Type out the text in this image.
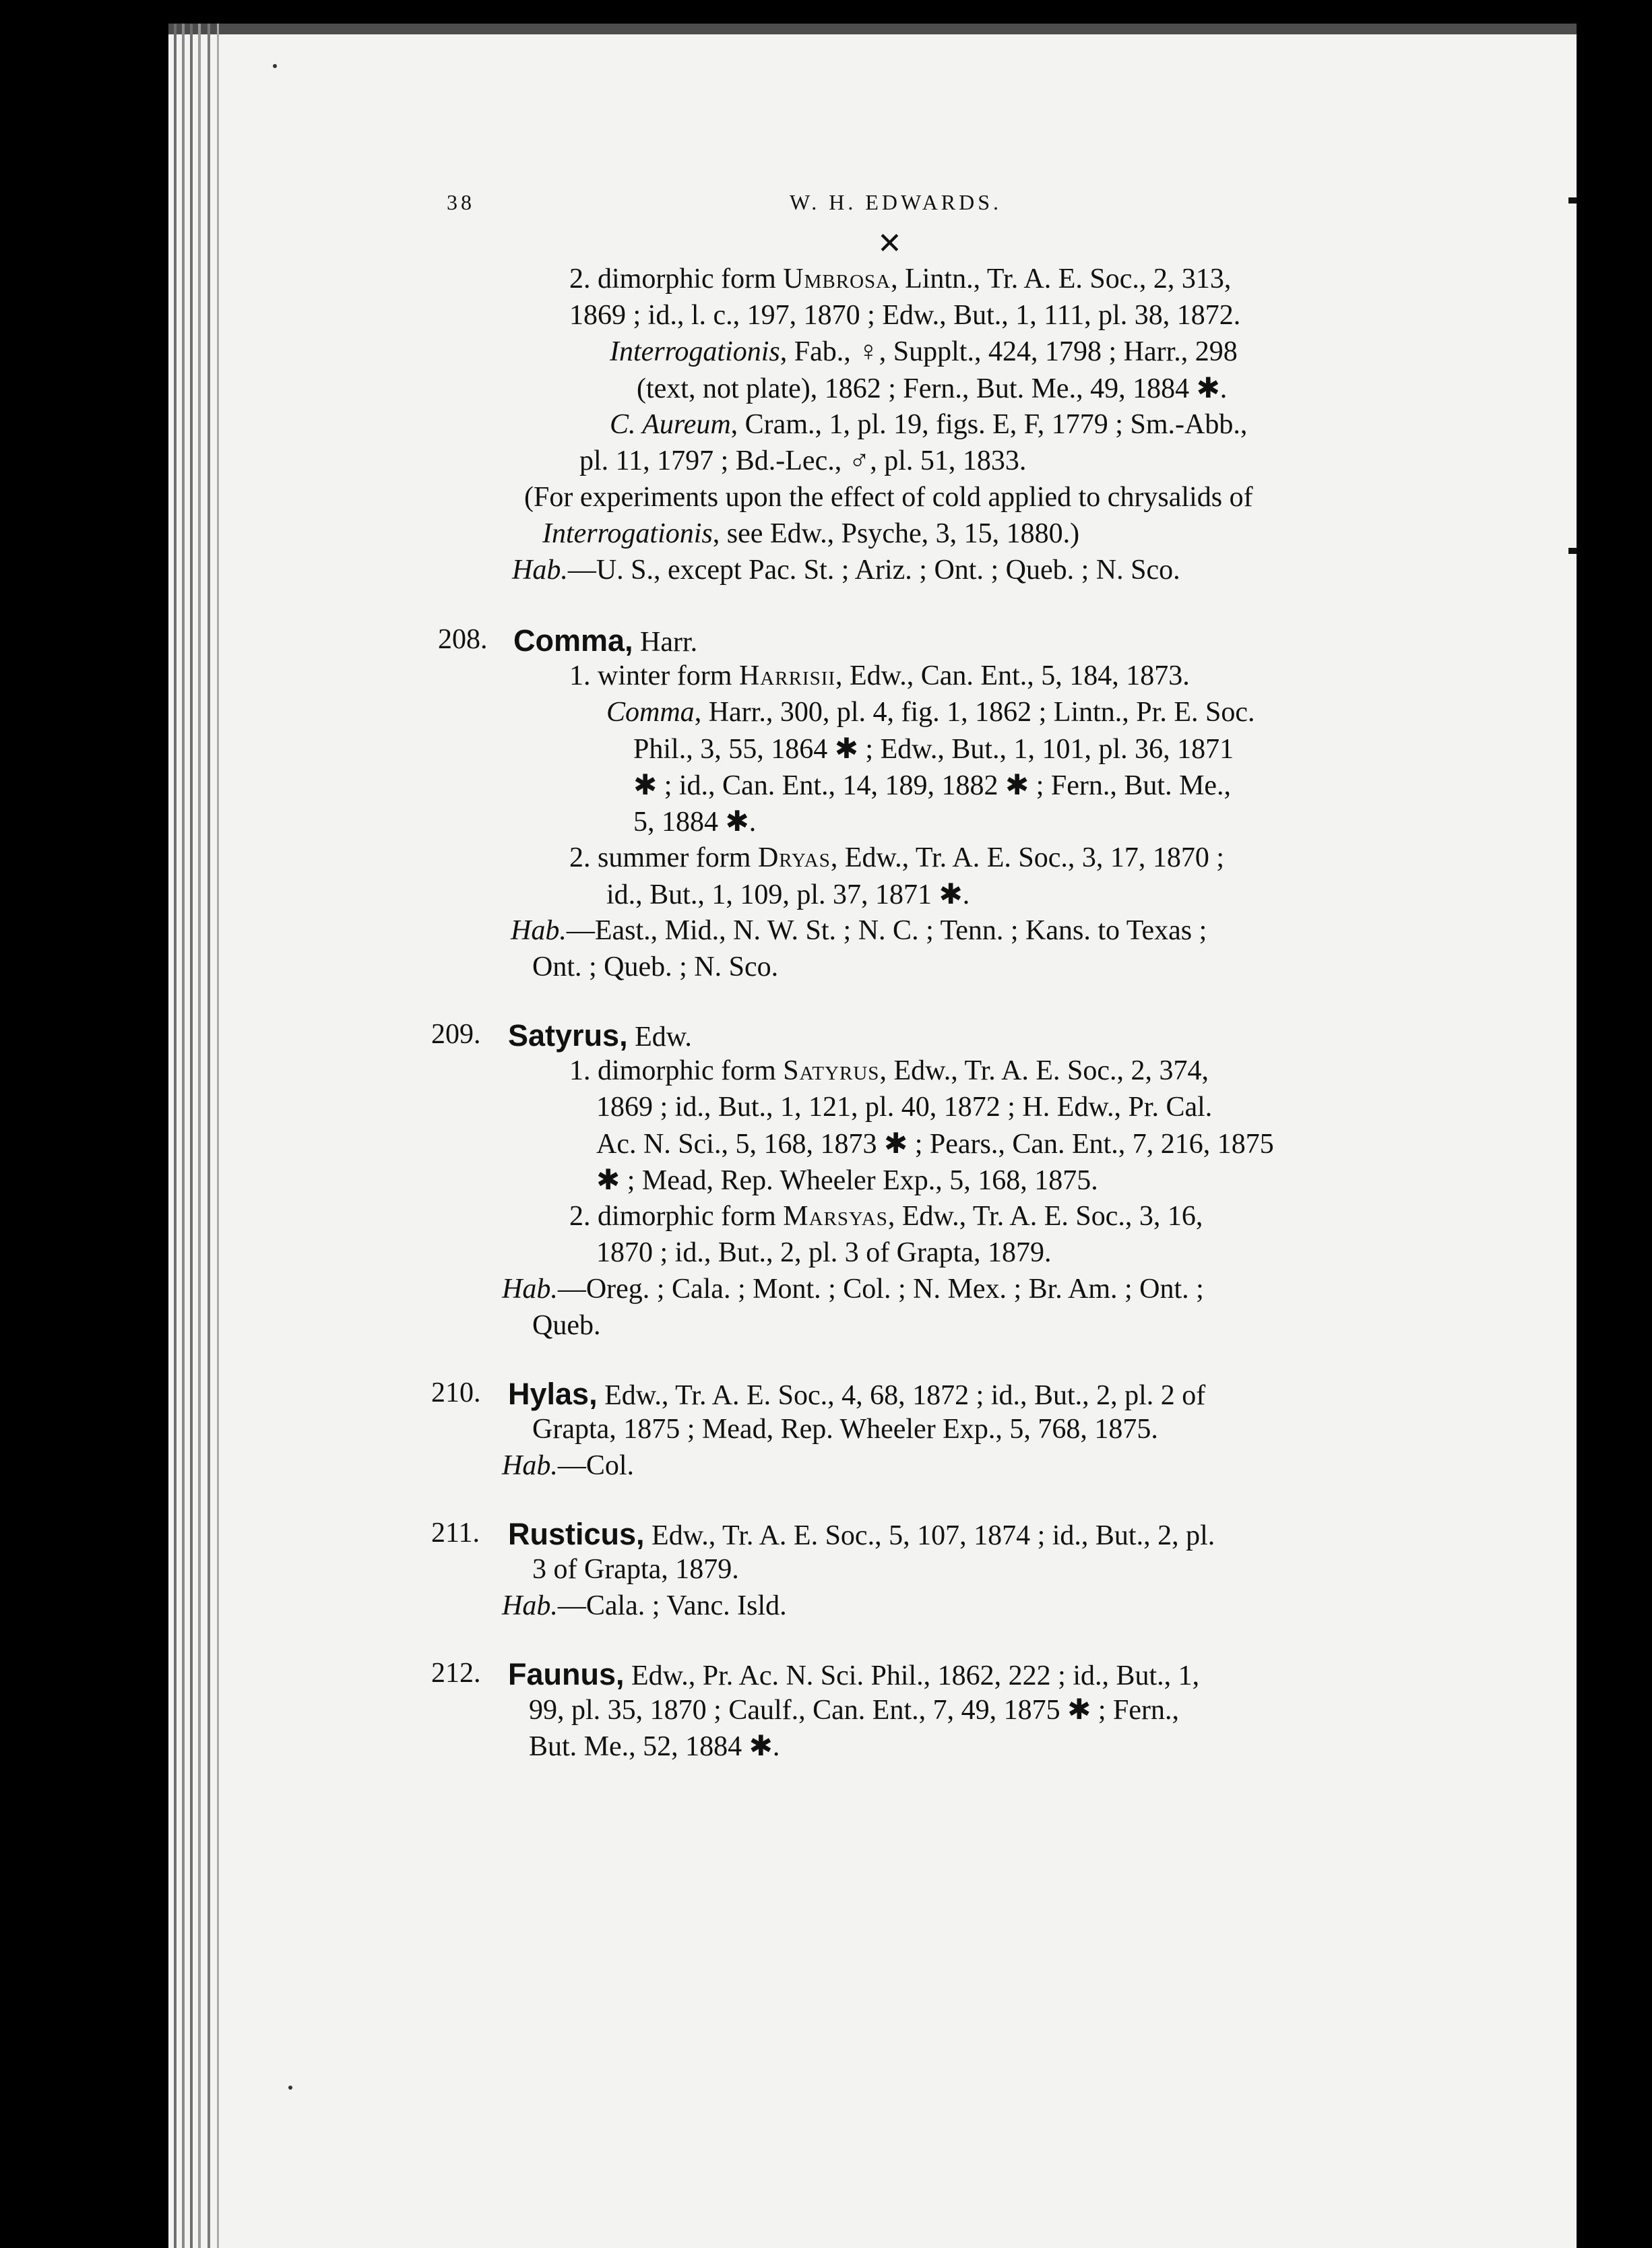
38	W. H. EDWARDS.
✕
2. dimorphic form Umbrosa, Lintn., Tr. A. E. Soc., 2, 313,
1869 ; id., l. c., 197, 1870 ; Edw., But., 1, 111, pl. 38, 1872.
Interrogationis, Fab., ♀, Supplt., 424, 1798 ; Harr., 298
(text, not plate), 1862 ; Fern., But. Me., 49, 1884 ✱.
C. Aureum, Cram., 1, pl. 19, figs. E, F, 1779 ; Sm.-Abb.,
pl. 11, 1797 ; Bd.-Lec., ♂, pl. 51, 1833.
(For experiments upon the effect of cold applied to chrysalids of
Interrogationis, see Edw., Psyche, 3, 15, 1880.)
Hab.—U. S., except Pac. St. ; Ariz. ; Ont. ; Queb. ; N. Sco.
208. Comma, Harr.
1. winter form Harrisii, Edw., Can. Ent., 5, 184, 1873.
Comma, Harr., 300, pl. 4, fig. 1, 1862 ; Lintn., Pr. E. Soc.
Phil., 3, 55, 1864 ✱ ; Edw., But., 1, 101, pl. 36, 1871
✱ ; id., Can. Ent., 14, 189, 1882 ✱ ; Fern., But. Me.,
5, 1884 ✱.
2. summer form Dryas, Edw., Tr. A. E. Soc., 3, 17, 1870 ;
id., But., 1, 109, pl. 37, 1871 ✱.
Hab.—East., Mid., N. W. St. ; N. C. ; Tenn. ; Kans. to Texas ;
Ont. ; Queb. ; N. Sco.
209. Satyrus, Edw.
1. dimorphic form Satyrus, Edw., Tr. A. E. Soc., 2, 374,
1869 ; id., But., 1, 121, pl. 40, 1872 ; H. Edw., Pr. Cal.
Ac. N. Sci., 5, 168, 1873 ✱ ; Pears., Can. Ent., 7, 216, 1875
✱ ; Mead, Rep. Wheeler Exp., 5, 168, 1875.
2. dimorphic form Marsyas, Edw., Tr. A. E. Soc., 3, 16,
1870 ; id., But., 2, pl. 3 of Grapta, 1879.
Hab.—Oreg. ; Cala. ; Mont. ; Col. ; N. Mex. ; Br. Am. ; Ont. ;
Queb.
210. Hylas, Edw., Tr. A. E. Soc., 4, 68, 1872 ; id., But., 2, pl. 2 of
Grapta, 1875 ; Mead, Rep. Wheeler Exp., 5, 768, 1875.
Hab.—Col.
211. Rusticus, Edw., Tr. A. E. Soc., 5, 107, 1874 ; id., But., 2, pl.
3 of Grapta, 1879.
Hab.—Cala. ; Vanc. Isld.
212. Faunus, Edw., Pr. Ac. N. Sci. Phil., 1862, 222 ; id., But., 1,
99, pl. 35, 1870 ; Caulf., Can. Ent., 7, 49, 1875 ✱ ; Fern.,
But. Me., 52, 1884 ✱.
